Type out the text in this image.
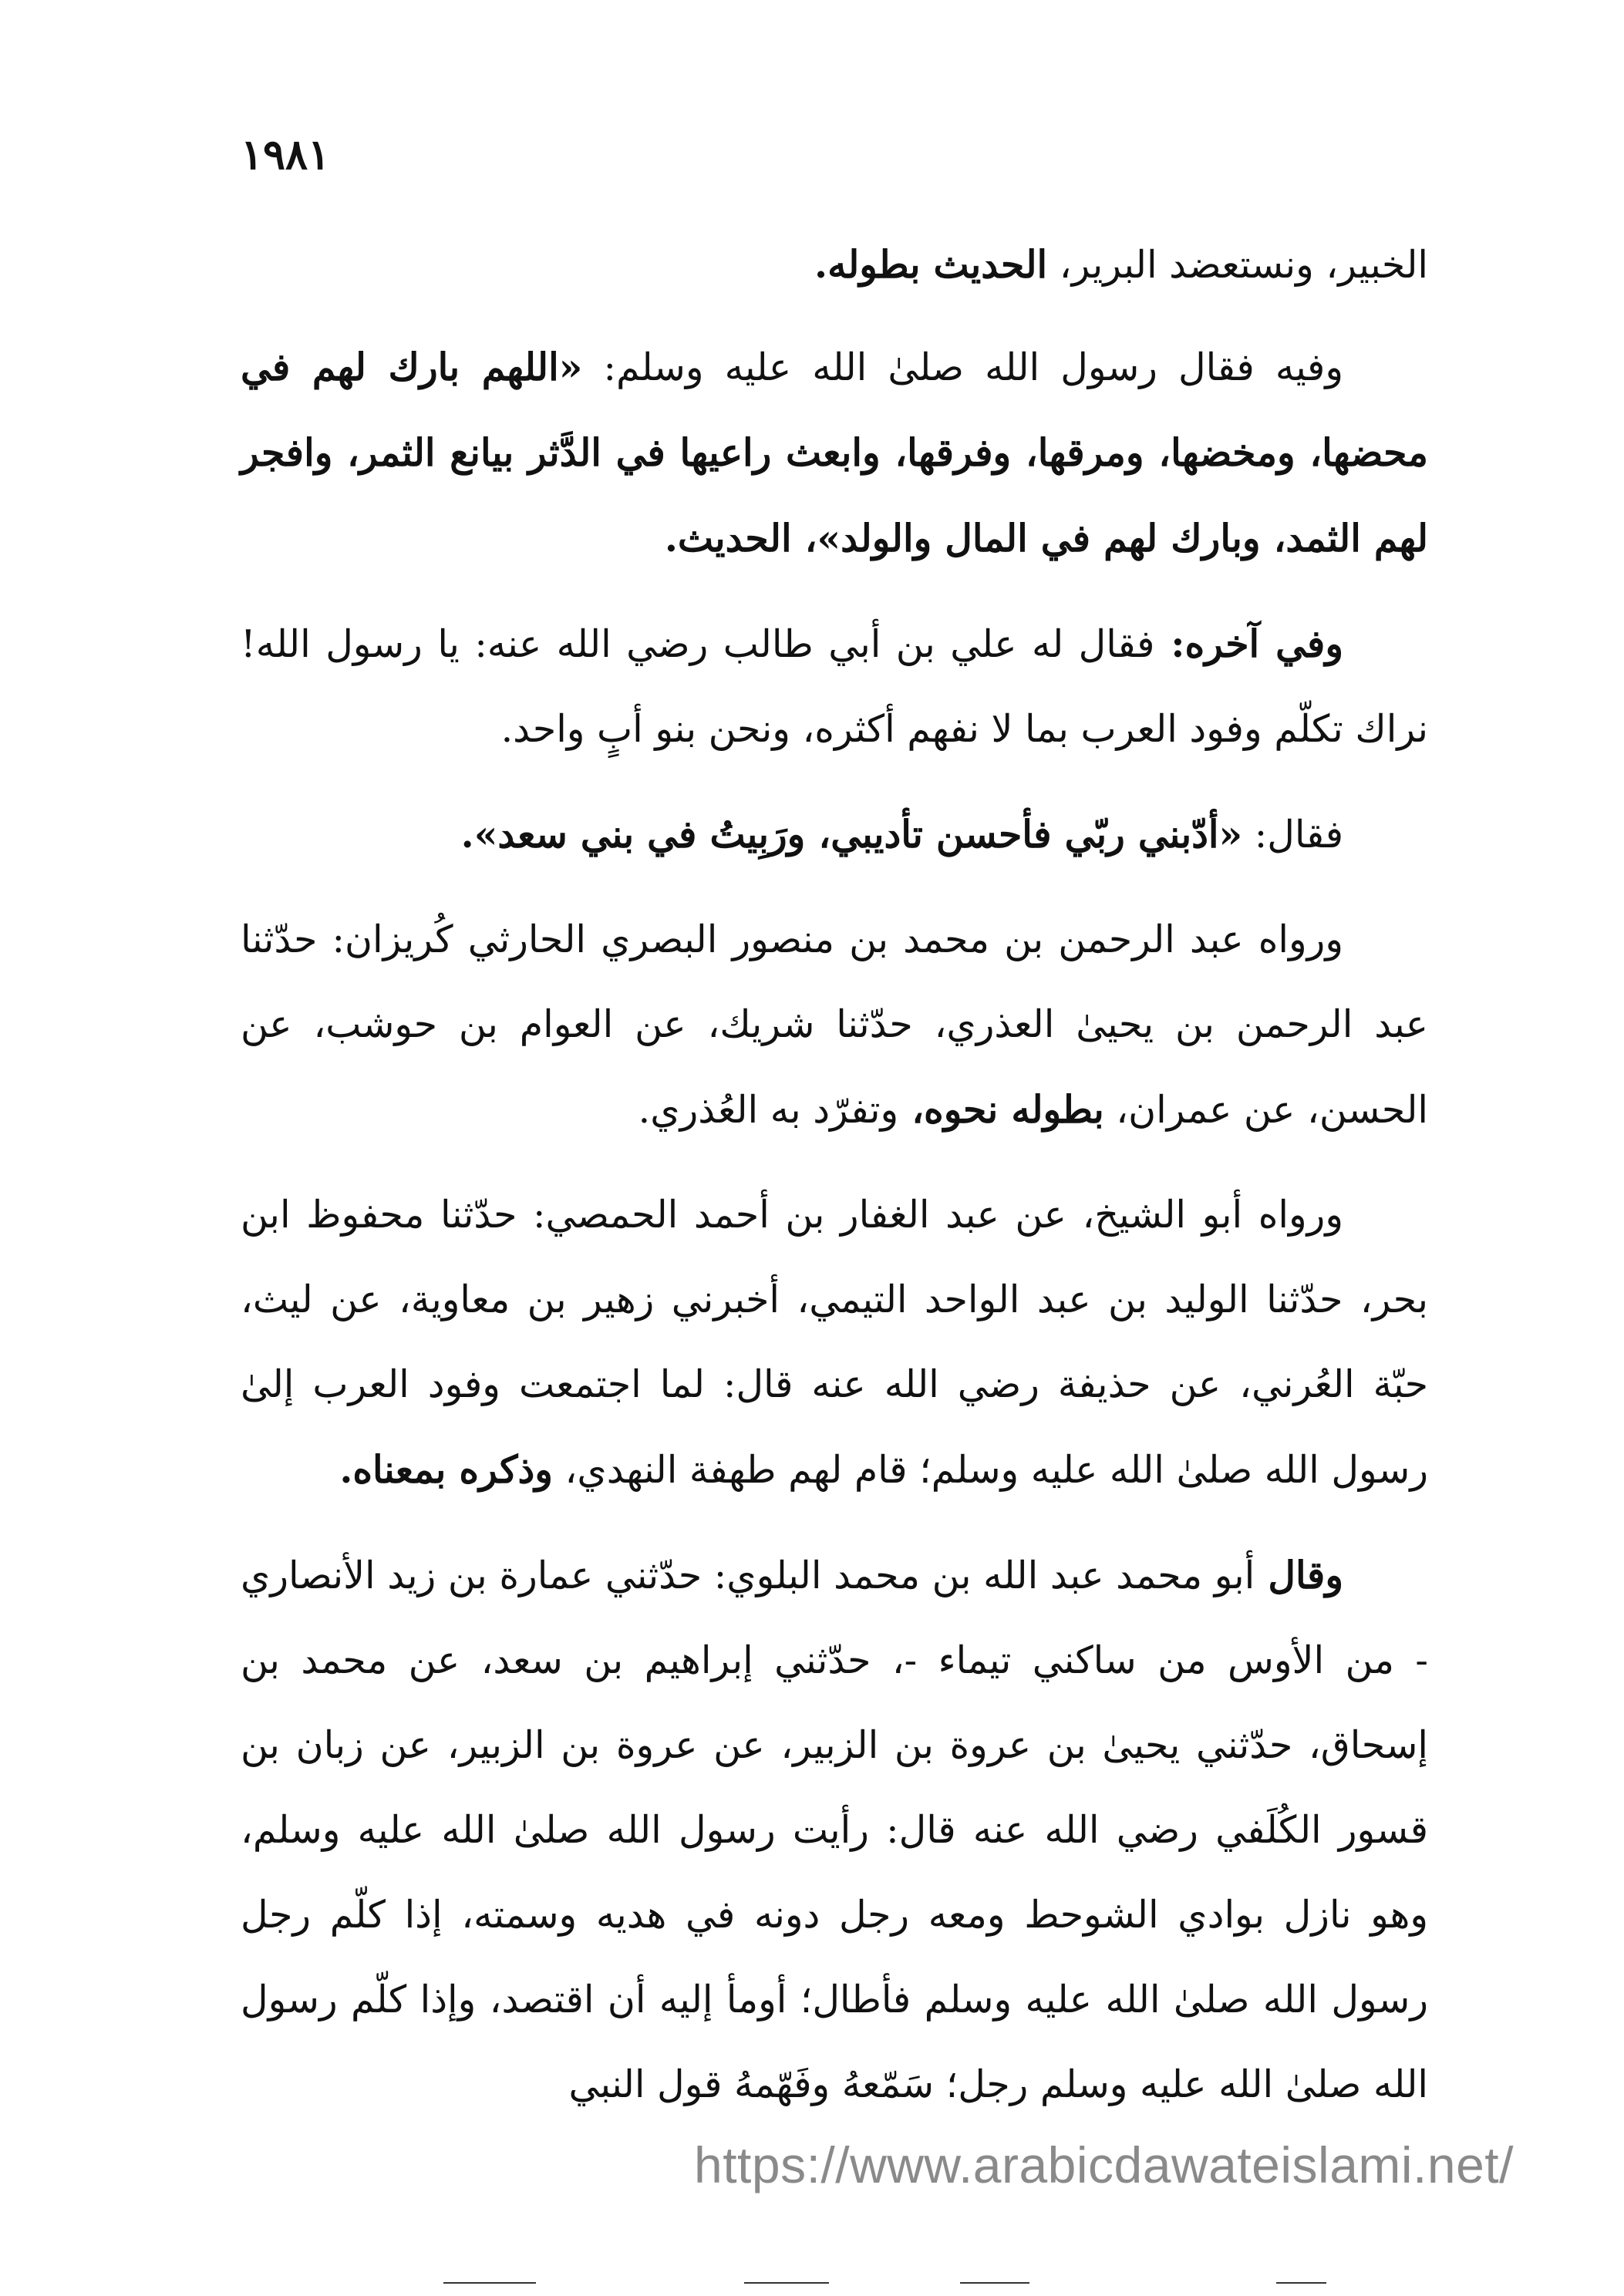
١٩٨١

الخبير، ونستعضد البرير، الحديث بطوله.

وفيه فقال رسول الله صلىٰ الله عليه وسلم: «اللهم بارك لهم في محضها، ومخضها، ومرقها، وفرقها، وابعث راعيها في الدَّثر بيانع الثمر، وافجر لهم الثمد، وبارك لهم في المال والولد»، الحديث.

وفي آخره: فقال له علي بن أبي طالب رضي الله عنه: يا رسول الله! نراك تكلّم وفود العرب بما لا نفهم أكثره، ونحن بنو أبٍ واحد.

فقال: «أدّبني ربّي فأحسن تأديبي، ورَبِيتُ في بني سعد».

ورواه عبد الرحمن بن محمد بن منصور البصري الحارثي كُريزان: حدّثنا عبد الرحمن بن يحيىٰ العذري، حدّثنا شريك، عن العوام بن حوشب، عن الحسن، عن عمران، بطوله نحوه، وتفرّد به العُذري.

ورواه أبو الشيخ، عن عبد الغفار بن أحمد الحمصي: حدّثنا محفوظ ابن بحر، حدّثنا الوليد بن عبد الواحد التيمي، أخبرني زهير بن معاوية، عن ليث، حبّة العُرني، عن حذيفة رضي الله عنه قال: لما اجتمعت وفود العرب إلىٰ رسول الله صلىٰ الله عليه وسلم؛ قام لهم طهفة النهدي، وذكره بمعناه.

وقال أبو محمد عبد الله بن محمد البلوي: حدّثني عمارة بن زيد الأنصاري - من الأوس من ساكني تيماء -، حدّثني إبراهيم بن سعد، عن محمد بن إسحاق، حدّثني يحيىٰ بن عروة بن الزبير، عن عروة بن الزبير، عن زبان بن قسور الكُلَفي رضي الله عنه قال: رأيت رسول الله صلىٰ الله عليه وسلم، وهو نازل بوادي الشوحط ومعه رجل دونه في هديه وسمته، إذا كلّم رجل رسول الله صلىٰ الله عليه وسلم فأطال؛ أومأ إليه أن اقتصد، وإذا كلّم رسول الله صلىٰ الله عليه وسلم رجل؛ سَمّعهُ وفَهّمهُ قول النبي

https://www.arabicdawateislami.net/
